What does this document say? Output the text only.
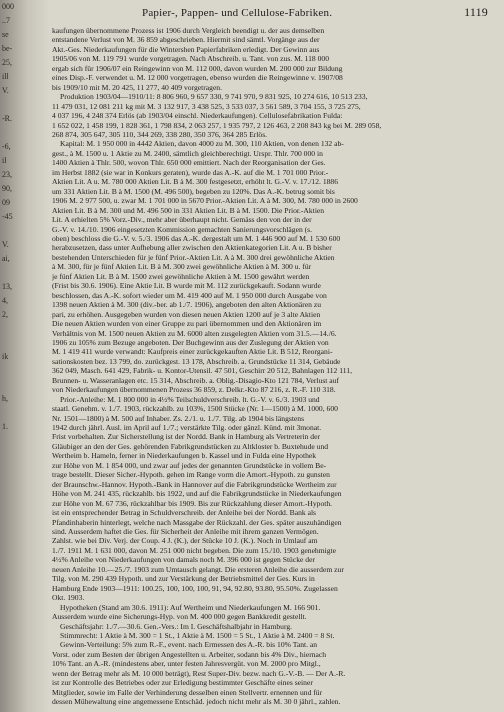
000
..7
se
be-
25,
ill
V.
-R.
-6,
il
23,
90,
09
-45
V.
ai,
13,
4,
2,
ik
h,
1.
Papier-, Pappen- und Cellulose-Fabriken.	1119
kaufungen übernommene Prozess ist 1906 durch Vergleich beendigt u. der aus demselben
entstandene Verlust von M. 36 859 abgeschrieben. Hiermit sind sämtl. Vorgänge aus der
Akt.-Ges. Niederkaufungen für die Wintershen Papierfabriken erledigt. Der Gewinn aus
1905/06 von M. 119 791 wurde vorgetragen. Nach Abschreib. u. Tant. von zus. M. 118 000
ergab sich für 1906/07 ein Reingewinn von M. 112 000, davon wurden M. 200 000 zur Bildung
eines Disp.-F. verwendet u. M. 12 000 vorgetragen, ebenso wurden die Reingewinne v. 1907/08
bis 1909/10 mit M. 20 425, 11 277, 40 409 vorgetragen.
Produktion 1903/04—1910/11: 8 806 960, 9 657 330, 9 741 970, 9 831 925, 10 274 616, 10 513 233,
11 479 031, 12 081 211 kg mit M. 3 132 917, 3 438 525, 3 533 037, 3 561 589, 3 704 155, 3 725 275,
4 037 196, 4 248 374 Erlös (ab 1903/04 einschl. Niederkaufungen). Cellulosefabrikation Fulda:
1 652 022, 1 458 199, 1 828 361, 1 798 834, 2 063 257, 1 935 797, 2 126 463, 2 208 843 kg bei M. 289 058,
268 874, 305 647, 305 110, 344 269, 338 280, 350 376, 364 285 Erlös.
Kapital: M. 1 950 000 in 4442 Aktien, davon 4000 zu M. 300, 110 Aktien, von denen 132 ab-
gest., à M. 1500 u. 1 Aktie zu M. 2400, sämtlich gleichberechtigt. Urspr. Thlr. 700 000 in
1400 Aktien à Thlr. 500, wovon Thlr. 650 000 emittiert. Nach der Reorganisation der Ges.
im Herbst 1882 (sie war in Konkurs geraten), wurde das A.-K. auf die M. 1 701 000 Prior.-
Aktien Lit. A u. M. 780 000 Aktien Lit. B à M. 300 festgesetzt, erhöht lt. G.-V. v. 17./12. 1886
um 331 Aktien Lit. B à M. 1500 (M. 496 500), begeben zu 120%. Das A.-K. betrug somit bis
1906 M. 2 977 500, u. zwar M. 1 701 000 in 5670 Prior.-Aktien Lit. A à M. 300, M. 780 000 in 2600
Aktien Lit. B à M. 300 und M. 496 500 in 331 Aktien Lit. B à M. 1500. Die Prior.-Aktien
Lit. A erhielten 5% Vorz.-Div., mehr aber überhaupt nicht. Gemäss den von der in der
G.-V. v. 14./10. 1906 eingesetzten Kommission gemachten Sanierungsvorschlägen (s.
oben) beschloss die G.-V. v. 5./3. 1906 das A.-K. dergestalt um M. 1 446 900 auf M. 1 530 600
herabzusetzen, dass unter Aufhebung aller zwischen den Aktienkategorien Lit. A u. B bisher
bestehenden Unterschieden für je fünf Prior.-Aktien Lit. A à M. 300 drei gewöhnliche Aktien
à M. 300, für je fünf Aktien Lit. B à M. 300 zwei gewöhnliche Aktien à M. 300 u. für
je fünf Aktien Lit. B à M. 1500 zwei gewöhnliche Aktien à M. 1500 gewährt werden
(Frist bis 30.6. 1906). Eine Aktie Lit. B wurde mit M. 112 zurückgekauft. Sodann wurde
beschlossen, das A.-K. sofort wieder um M. 419 400 auf M. 1 950 000 durch Ausgabe von
1398 neuen Aktien à M. 300 (div.-ber. ab 1./7. 1906), angeboten den alten Aktionären zu
pari, zu erhöhen. Ausgegeben wurden von diesen neuen Aktien 1200 auf je 3 alte Aktien
Die neuen Aktien wurden von einer Gruppe zu pari übernommen und den Aktionären im
Verhältnis von M. 1500 neuen Aktien zu M. 6000 alten zusgelegten Aktien vom 31.5.—14./6.
1906 zu 105% zum Bezuge angeboten. Der Buchgewinn aus der Zuslegung der Aktien von
M. 1 419 411 wurde verwandt: Kaufpreis einer zurückgekauften Aktie Lit. B 512, Reorgani-
sationskosten bez. 13 799, do. zurückgest. 13 178, Abschreib. a. Grundstücke 11 314, Gebäude
362 049, Masch. 641 429, Fabrik- u. Kontor-Utensil. 47 501, Geschirr 20 512, Bahnlagen 112 111,
Brunnen- u. Wasseranlagen etc. 15 314, Abschreib. a. Oblig.-Disagio-Kto 121 784, Verlust auf
von Niederkaufungen übernommenen Prozess 36 859, z. Delkr.-Kto 87 216, z. R.-F. 110 318.
Prior.-Anleihe: M. 1 800 000 in 4½% Teilschuldverschreib. lt. G.-V. v. 6./3. 1903 und
staatl. Genehm. v. 1./7. 1903, rückzahlb. zu 103%, 1500 Stücke (Nr. 1—1500) à M. 1000, 600
Nr. 1501—1800) à M. 500 auf Inhaber. Zs. 2./1. u. 1./7. Tilg. ab 1904 bis längstens
1942 durch jährl. Ausl. im April auf 1./7.; verstärkte Tilg. oder gänzl. Künd. mit 3monat.
Frist vorbehalten. Zur Sicherstellung ist der Nordd. Bank in Hamburg als Vertreterin der
Gläubiger an den der Ges. gehörenden Fabrikgrundstücken zu Altkloster b. Buxtehude und
Wertheim b. Hameln, ferner in Niederkaufungen b. Kassel und in Fulda eine Hypothek
zur Höhe von M. 1 854 000, und zwar auf jedes der genannten Grundstücke in vollem Be-
trage bestellt. Dieser Sicher.-Hypoth. gehen im Range vorm die Amort.-Hypoth. zu gunsten
der Braunschw.-Hannov. Hypoth.-Bank in Hannover auf die Fabrikgrundstücke Wertheim zur
Höhe von M. 241 435, rückzahlb. bis 1922, und auf die Fabrikgrundstücke in Niederkaufungen
zur Höhe von M. 67 736, rückzahlbar bis 1909. Bis zur Rückzahlung dieser Amort.-Hypoth.
ist ein entsprechender Betrag in Schuldverschreib. der Anleihe bei der Nordd. Bank als
Pfandinhaberin hinterlegt, welche nach Massgabe der Rückzahl. der Ges. später auszuhändigen
sind. Ausserdem haftet die Ges. für Sicherheit der Anleihe mit ihrem ganzen Vermögen.
Zahlst. wie bei Div. Verj. der Coup. 4 J. (K.), der Stücke 10 J. (K.). Noch in Umlauf am
1./7. 1911 M. 1 631 000, davon M. 251 000 nicht begeben. Die zum 15./10. 1903 genehmigte
4½% Anleihe von Niederkaufungen von damals noch M. 396 000 ist gegen Stücke der
neuen Anleihe 10.—25./7. 1903 zum Umtausch gelangt. Die ersteren Anleihe die ausserdem zur
Tilg. von M. 290 439 Hypoth. und zur Verstärkung der Betriebsmittel der Ges. Kurs in
Hamburg Ende 1903—1911: 100.25, 100, 100, 100, 91, 94, 92.80, 93.80, 95.50%. Zugelassen
Okt. 1903.
Hypotheken (Stand am 30.6. 1911): Auf Wertheim und Niederkaufungen M. 166 901.
Ausserdem wurde eine Sicherungs-Hyp. von M. 400 000 gegen Bankkredit gestellt.
Geschäftsjahr: 1./7.—30.6. Gen.-Vers.: Im I. Geschäftshalbjahr in Hamburg.
Stimmrecht: 1 Aktie à M. 300 = 1 St., 1 Aktie à M. 1500 = 5 St., 1 Aktie à M. 2400 = 8 St.
Gewinn-Verteilung: 5% zum R.-F., event. nach Ermessen des A.-R. bis 10% Tant. an
Vorst. oder zum Besten der übrigen Angestellten u. Arbeiter, sodann bis 4% Div., hiernach
10% Tant. an A.-R. (mindestens aber, unter festen Jahresvergüt. von M. 2000 pro Mitgl.,
wenn der Betrag mehr als M. 10 000 beträgt), Rest Super-Div. bezw. nach G.-V.-B. — Der A.-R.
ist zur Kontrolle des Betriebes oder zur Erledigung bestimmter Geschäfte eines seiner
Mitglieder, sowie im Falle der Verhinderung desselben einen Stellvertr. ernennen und für
dessen Mühewaltung eine angemessene Entschäd. jedoch nicht mehr als M. 30 0 jährl., zahlen.
